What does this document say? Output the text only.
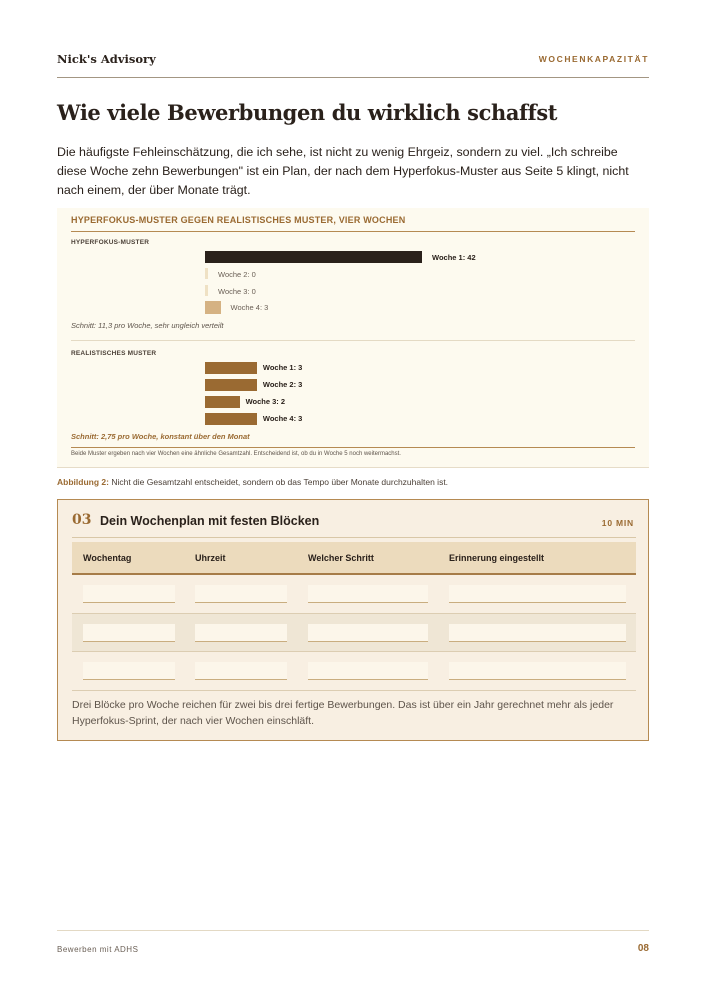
Nick's Advisory	WOCHENKAPAZITÄT
Wie viele Bewerbungen du wirklich schaffst

Die häufigste Fehleinschätzung, die ich sehe, ist nicht zu wenig Ehrgeiz, sondern zu viel. „Ich schreibe diese Woche zehn Bewerbungen" ist ein Plan, der nach dem Hyperfokus-Muster aus Seite 5 klingt, nicht nach einem, der über Monate trägt.

HYPERFOKUS-MUSTER GEGEN REALISTISCHES MUSTER, VIER WOCHEN
HYPERFOKUS-MUSTER
Woche 1: 42
Woche 2: 0
Woche 3: 0
Woche 4: 3
Schnitt: 11,3 pro Woche, sehr ungleich verteilt
REALISTISCHES MUSTER
Woche 1: 3
Woche 2: 3
Woche 3: 2
Woche 4: 3
Schnitt: 2,75 pro Woche, konstant über den Monat
Beide Muster ergeben nach vier Wochen eine ähnliche Gesamtzahl. Entscheidend ist, ob du in Woche 5 noch weitermachst.
Abbildung 2: Nicht die Gesamtzahl entscheidet, sondern ob das Tempo über Monate durchzuhalten ist.
03 Dein Wochenplan mit festen Blöcken	10 MIN
Wochentag	Uhrzeit	Welcher Schritt	Erinnerung eingestellt
Drei Blöcke pro Woche reichen für zwei bis drei fertige Bewerbungen. Das ist über ein Jahr gerechnet mehr als jeder Hyperfokus-Sprint, der nach vier Wochen einschläft.
Bewerben mit ADHS	08
